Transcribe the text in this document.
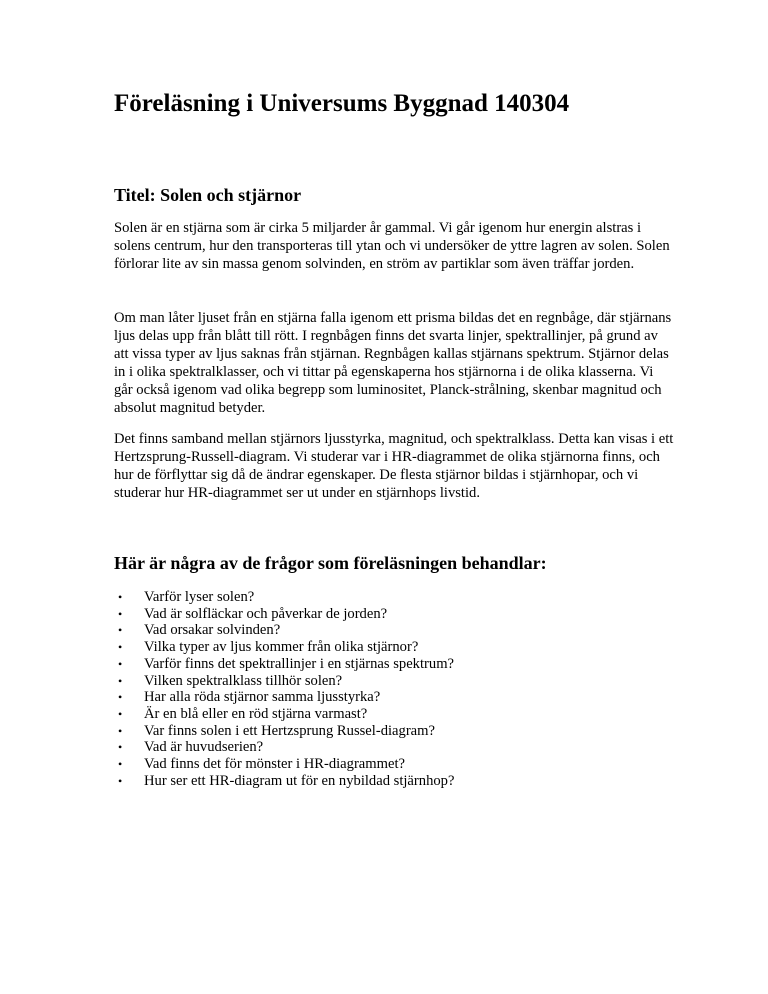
Föreläsning i Universums Byggnad 140304
Titel: Solen och stjärnor

Solen är en stjärna som är cirka 5 miljarder år gammal. Vi går igenom hur energin alstras i solens centrum, hur den transporteras till ytan och vi undersöker de yttre lagren av solen. Solen förlorar lite av sin massa genom solvinden, en ström av partiklar som även träffar jorden.

Om man låter ljuset från en stjärna falla igenom ett prisma bildas det en regnbåge, där stjärnans ljus delas upp från blått till rött. I regnbågen finns det svarta linjer, spektrallinjer, på grund av att vissa typer av ljus saknas från stjärnan. Regnbågen kallas stjärnans spektrum. Stjärnor delas in i olika spektralklasser, och vi tittar på egenskaperna hos stjärnorna i de olika klasserna. Vi går också igenom vad olika begrepp som luminositet, Planck-strålning, skenbar magnitud och absolut magnitud betyder.

Det finns samband mellan stjärnors ljusstyrka, magnitud, och spektralklass. Detta kan visas i ett Hertzsprung-Russell-diagram. Vi studerar var i HR-diagrammet de olika stjärnorna finns, och hur de förflyttar sig då de ändrar egenskaper. De flesta stjärnor bildas i stjärnhopar, och vi studerar hur HR-diagrammet ser ut under en stjärnhops livstid.

Här är några av de frågor som föreläsningen behandlar:
• Varför lyser solen?
• Vad är solfläckar och påverkar de jorden?
• Vad orsakar solvinden?
• Vilka typer av ljus kommer från olika stjärnor?
• Varför finns det spektrallinjer i en stjärnas spektrum?
• Vilken spektralklass tillhör solen?
• Har alla röda stjärnor samma ljusstyrka?
• Är en blå eller en röd stjärna varmast?
• Var finns solen i ett Hertzsprung Russel-diagram?
• Vad är huvudserien?
• Vad finns det för mönster i HR-diagrammet?
• Hur ser ett HR-diagram ut för en nybildad stjärnhop?
